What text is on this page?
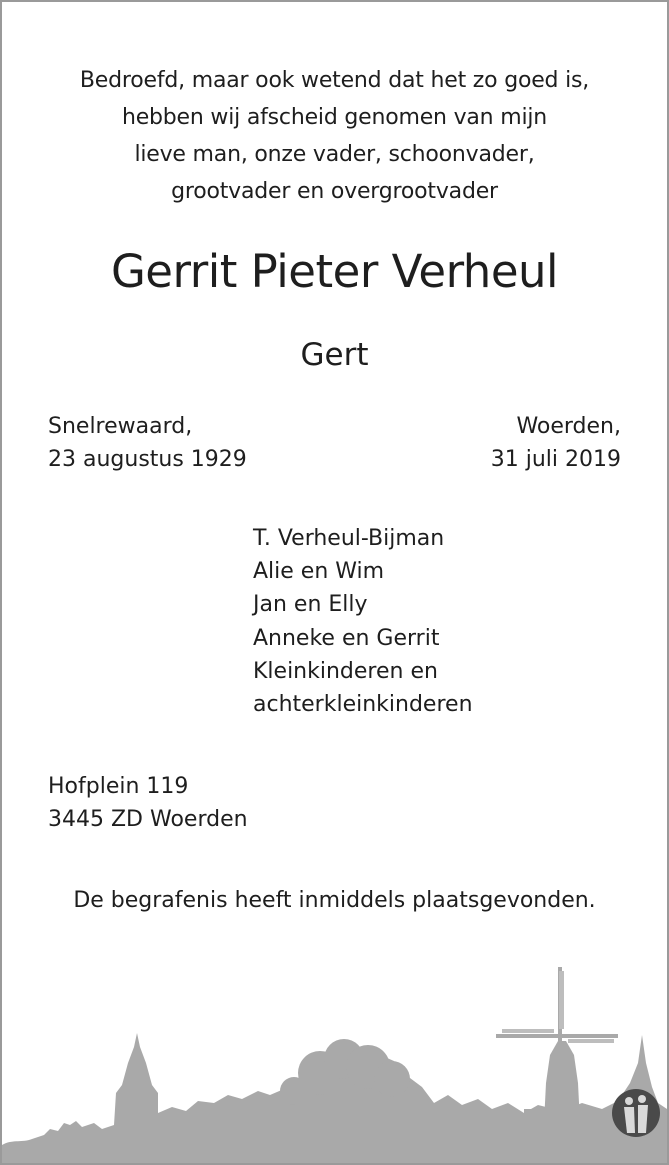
Bedroefd, maar ook wetend dat het zo goed is,
hebben wij afscheid genomen van mijn
lieve man, onze vader, schoonvader,
grootvader en overgrootvader
Gerrit Pieter Verheul
Gert
Snelrewaard,
23 augustus 1929
Woerden,
31 juli 2019
T. Verheul-Bijman
Alie en Wim
Jan en Elly
Anneke en Gerrit
Kleinkinderen en
achterkleinkinderen
Hofplein 119
3445 ZD Woerden
De begrafenis heeft inmiddels plaatsgevonden.
